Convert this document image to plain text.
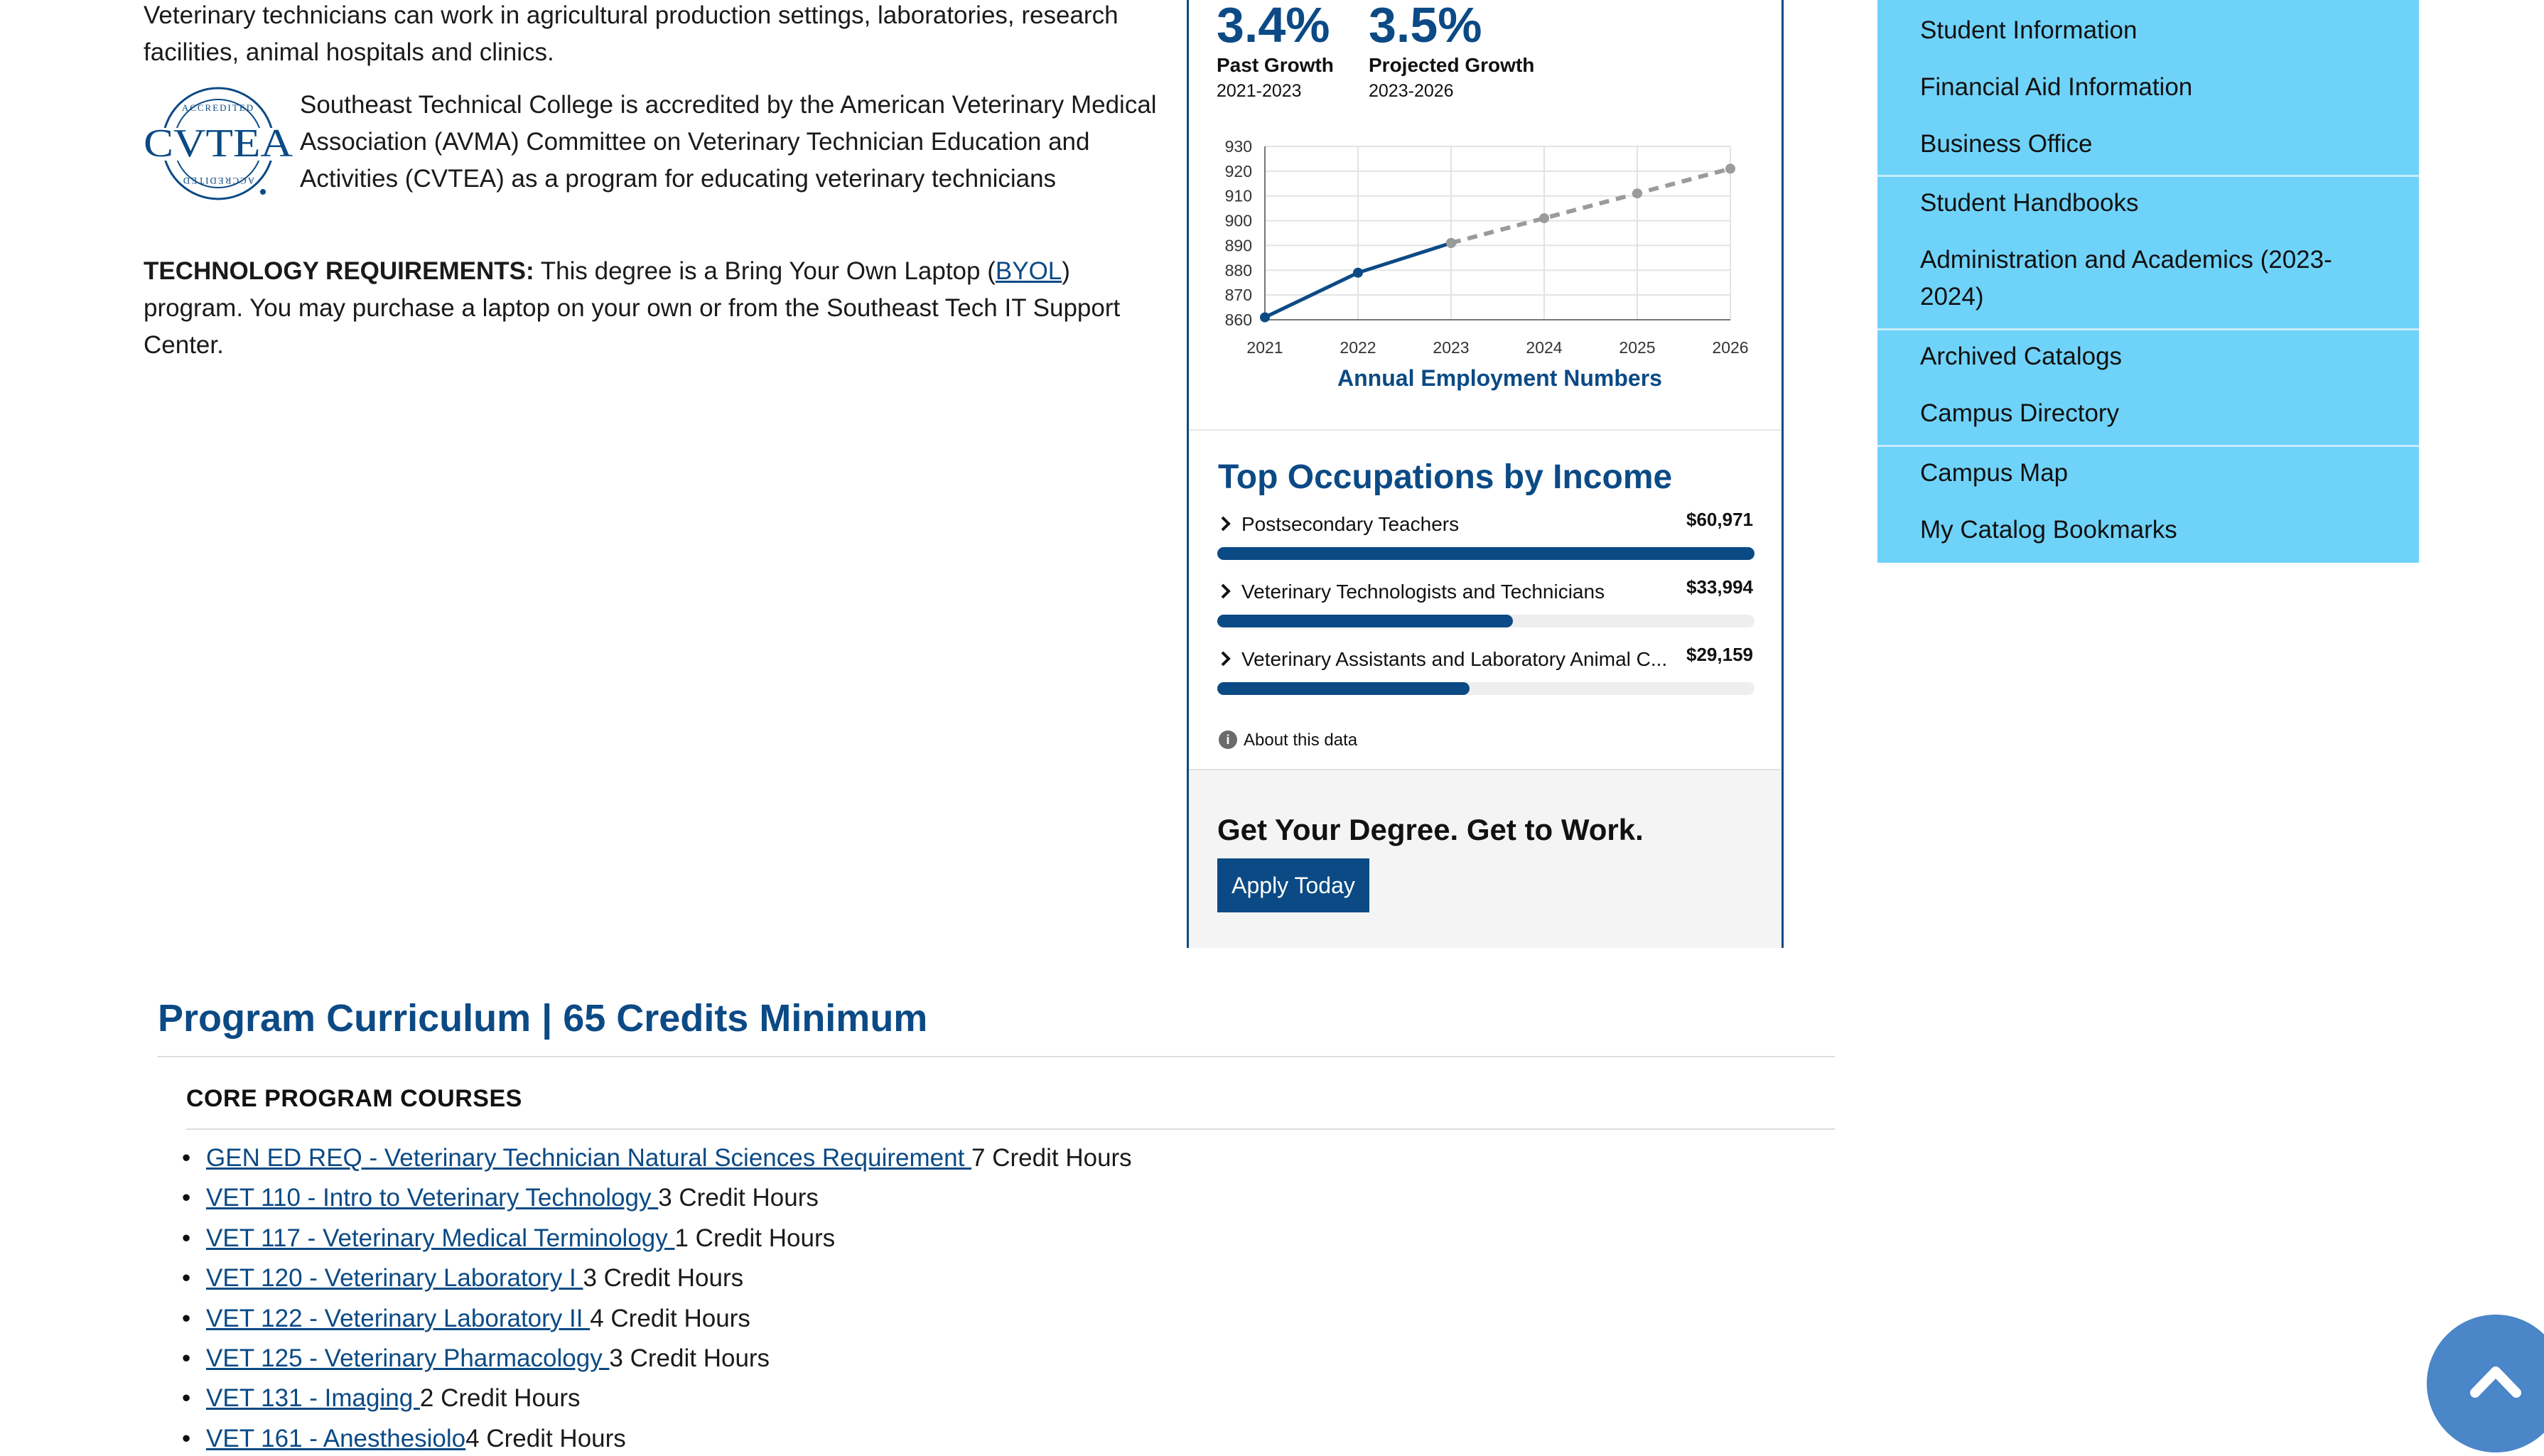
Veterinary technicians can work in agricultural production settings, laboratories, research facilities, animal hospitals and clinics.

ACCREDITED
ACCREDITED
CVTEA

Southeast Technical College is accredited by the American Veterinary Medical Association (AVMA) Committee on Veterinary Technician Education and Activities (CVTEA) as a program for educating veterinary technicians

TECHNOLOGY REQUIREMENTS: This degree is a Bring Your Own Laptop (BYOL) program. You may purchase a laptop on your own or from the Southeast Tech IT Support Center.

3.4%
Past Growth
2021-2023
3.5%
Projected Growth
2023-2026
930
920
910
900
890
880
870
860
2021	2022	2023	2024	2025	2026
Annual Employment Numbers
Top Occupations by Income
Postsecondary Teachers	$60,971
Veterinary Technologists and Technicians	$33,994
Veterinary Assistants and Laboratory Animal C...	$29,159
i About this data
Get Your Degree. Get to Work.
Apply Today
Student Information
Financial Aid Information
Business Office
Student Handbooks
Administration and Academics (2023-
2024)
Archived Catalogs
Campus Directory
Campus Map
My Catalog Bookmarks
Program Curriculum | 65 Credits Minimum
CORE PROGRAM COURSES
• GEN ED REQ - Veterinary Technician Natural Sciences Requirement 7 Credit Hours
• VET 110 - Intro to Veterinary Technology 3 Credit Hours
• VET 117 - Veterinary Medical Terminology 1 Credit Hours
• VET 120 - Veterinary Laboratory I 3 Credit Hours
• VET 122 - Veterinary Laboratory II 4 Credit Hours
• VET 125 - Veterinary Pharmacology 3 Credit Hours
• VET 131 - Imaging 2 Credit Hours
• VET 161 - Anesthesiolo4 Credit Hours
